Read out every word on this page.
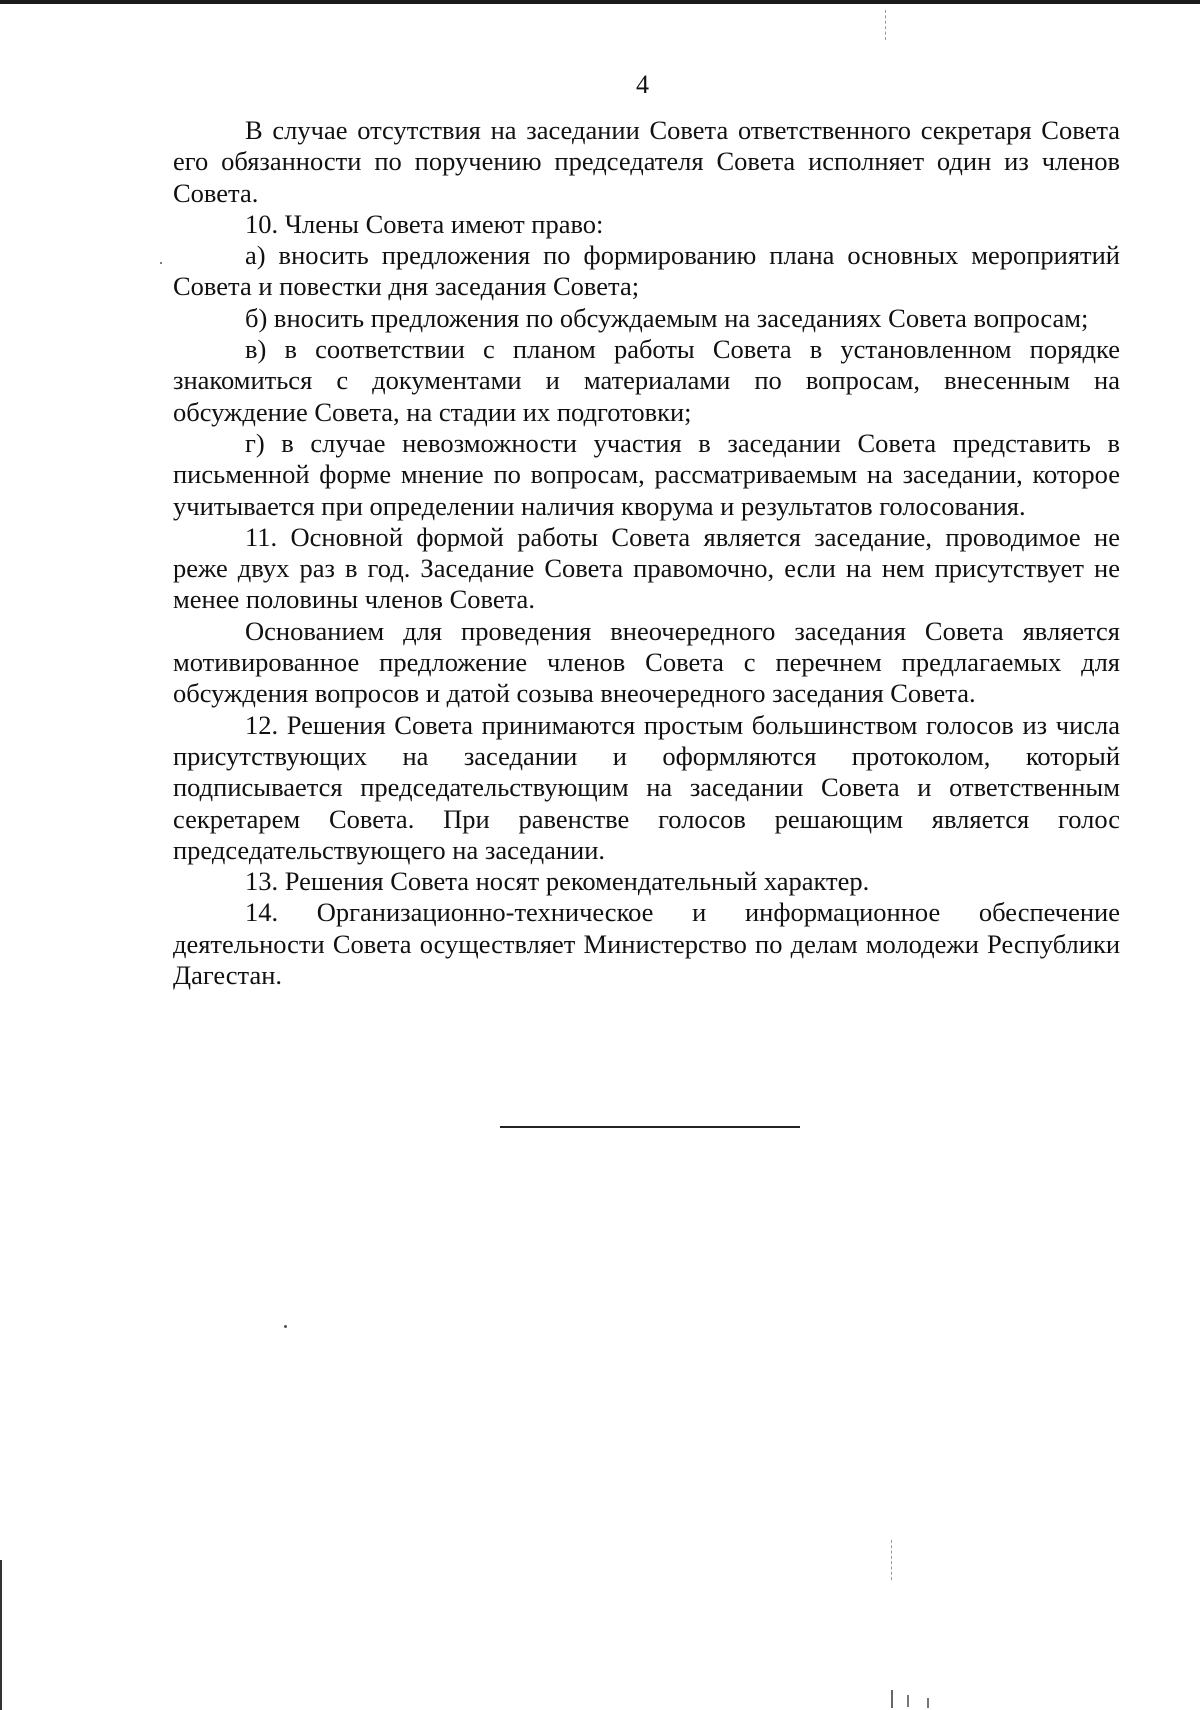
4

В случае отсутствия на заседании Совета ответственного секретаря Совета его обязанности по поручению председателя Совета исполняет один из членов Совета.

10. Члены Совета имеют право:

а) вносить предложения по формированию плана основных мероприятий Совета и повестки дня заседания Совета;

б) вносить предложения по обсуждаемым на заседаниях Совета вопросам;

в) в соответствии с планом работы Совета в установленном порядке знакомиться с документами и материалами по вопросам, внесенным на обсуждение Совета, на стадии их подготовки;

г) в случае невозможности участия в заседании Совета представить в письменной форме мнение по вопросам, рассматриваемым на заседании, которое учитывается при определении наличия кворума и результатов голосования.

11. Основной формой работы Совета является заседание, проводимое не реже двух раз в год. Заседание Совета правомочно, если на нем присутствует не менее половины членов Совета.

Основанием для проведения внеочередного заседания Совета является мотивированное предложение членов Совета с перечнем предлагаемых для обсуждения вопросов и датой созыва внеочередного заседания Совета.

12. Решения Совета принимаются простым большинством голосов из числа присутствующих на заседании и оформляются протоколом, который подписывается председательствующим на заседании Совета и ответственным секретарем Совета. При равенстве голосов решающим является голос председательствующего на заседании.

13. Решения Совета носят рекомендательный характер.

14. Организационно-техническое и информационное обеспечение деятельности Совета осуществляет Министерство по делам молодежи Республики Дагестан.
